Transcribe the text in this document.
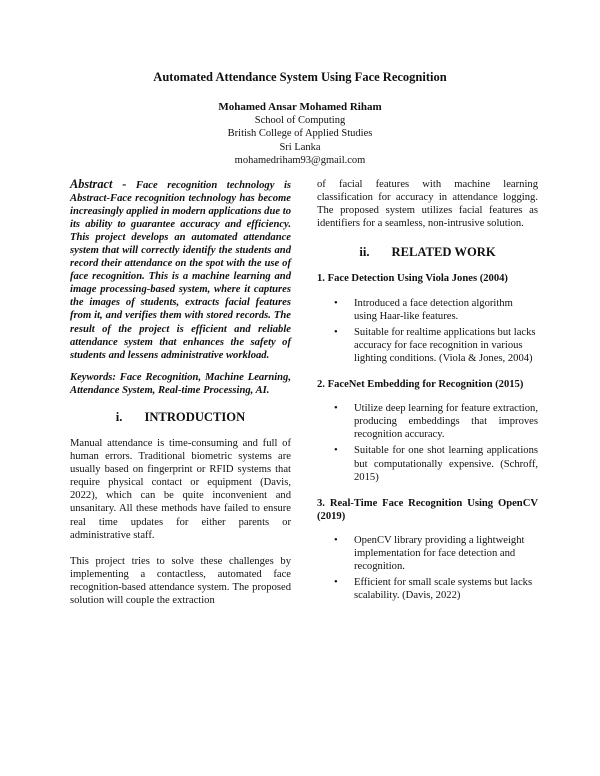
Automated Attendance System Using Face Recognition
Mohamed Ansar Mohamed Riham
School of Computing
British College of Applied Studies
Sri Lanka
mohamedriham93@gmail.com
Abstract - Face recognition technology is Abstract-Face recognition technology has become increasingly applied in modern applications due to its ability to guarantee accuracy and efficiency. This project develops an automated attendance system that will correctly identify the students and record their attendance on the spot with the use of face recognition. This is a machine learning and image processing-based system, where it captures the images of students, extracts facial features from it, and verifies them with stored records. The result of the project is efficient and reliable attendance system that enhances the safety of students and lessens administrative workload.
Keywords: Face Recognition, Machine Learning, Attendance System, Real-time Processing, AI.
i. INTRODUCTION
Manual attendance is time-consuming and full of human errors. Traditional biometric systems are usually based on fingerprint or RFID systems that require physical contact or equipment (Davis, 2022), which can be quite inconvenient and unsanitary. All these methods have failed to ensure real time updates for either parents or administrative staff.
This project tries to solve these challenges by implementing a contactless, automated face recognition-based attendance system. The proposed solution will couple the extraction
of facial features with machine learning classification for accuracy in attendance logging. The proposed system utilizes facial features as identifiers for a seamless, non-intrusive solution.
ii. RELATED WORK
1. Face Detection Using Viola Jones (2004)
• Introduced a face detection algorithm using Haar-like features.
• Suitable for realtime applications but lacks accuracy for face recognition in various lighting conditions. (Viola & Jones, 2004)
2. FaceNet Embedding for Recognition (2015)
• Utilize deep learning for feature extraction, producing embeddings that improves recognition accuracy.
• Suitable for one shot learning applications but computationally expensive. (Schroff, 2015)
3. Real-Time Face Recognition Using OpenCV (2019)
• OpenCV library providing a lightweight implementation for face detection and recognition.
• Efficient for small scale systems but lacks scalability. (Davis, 2022)
